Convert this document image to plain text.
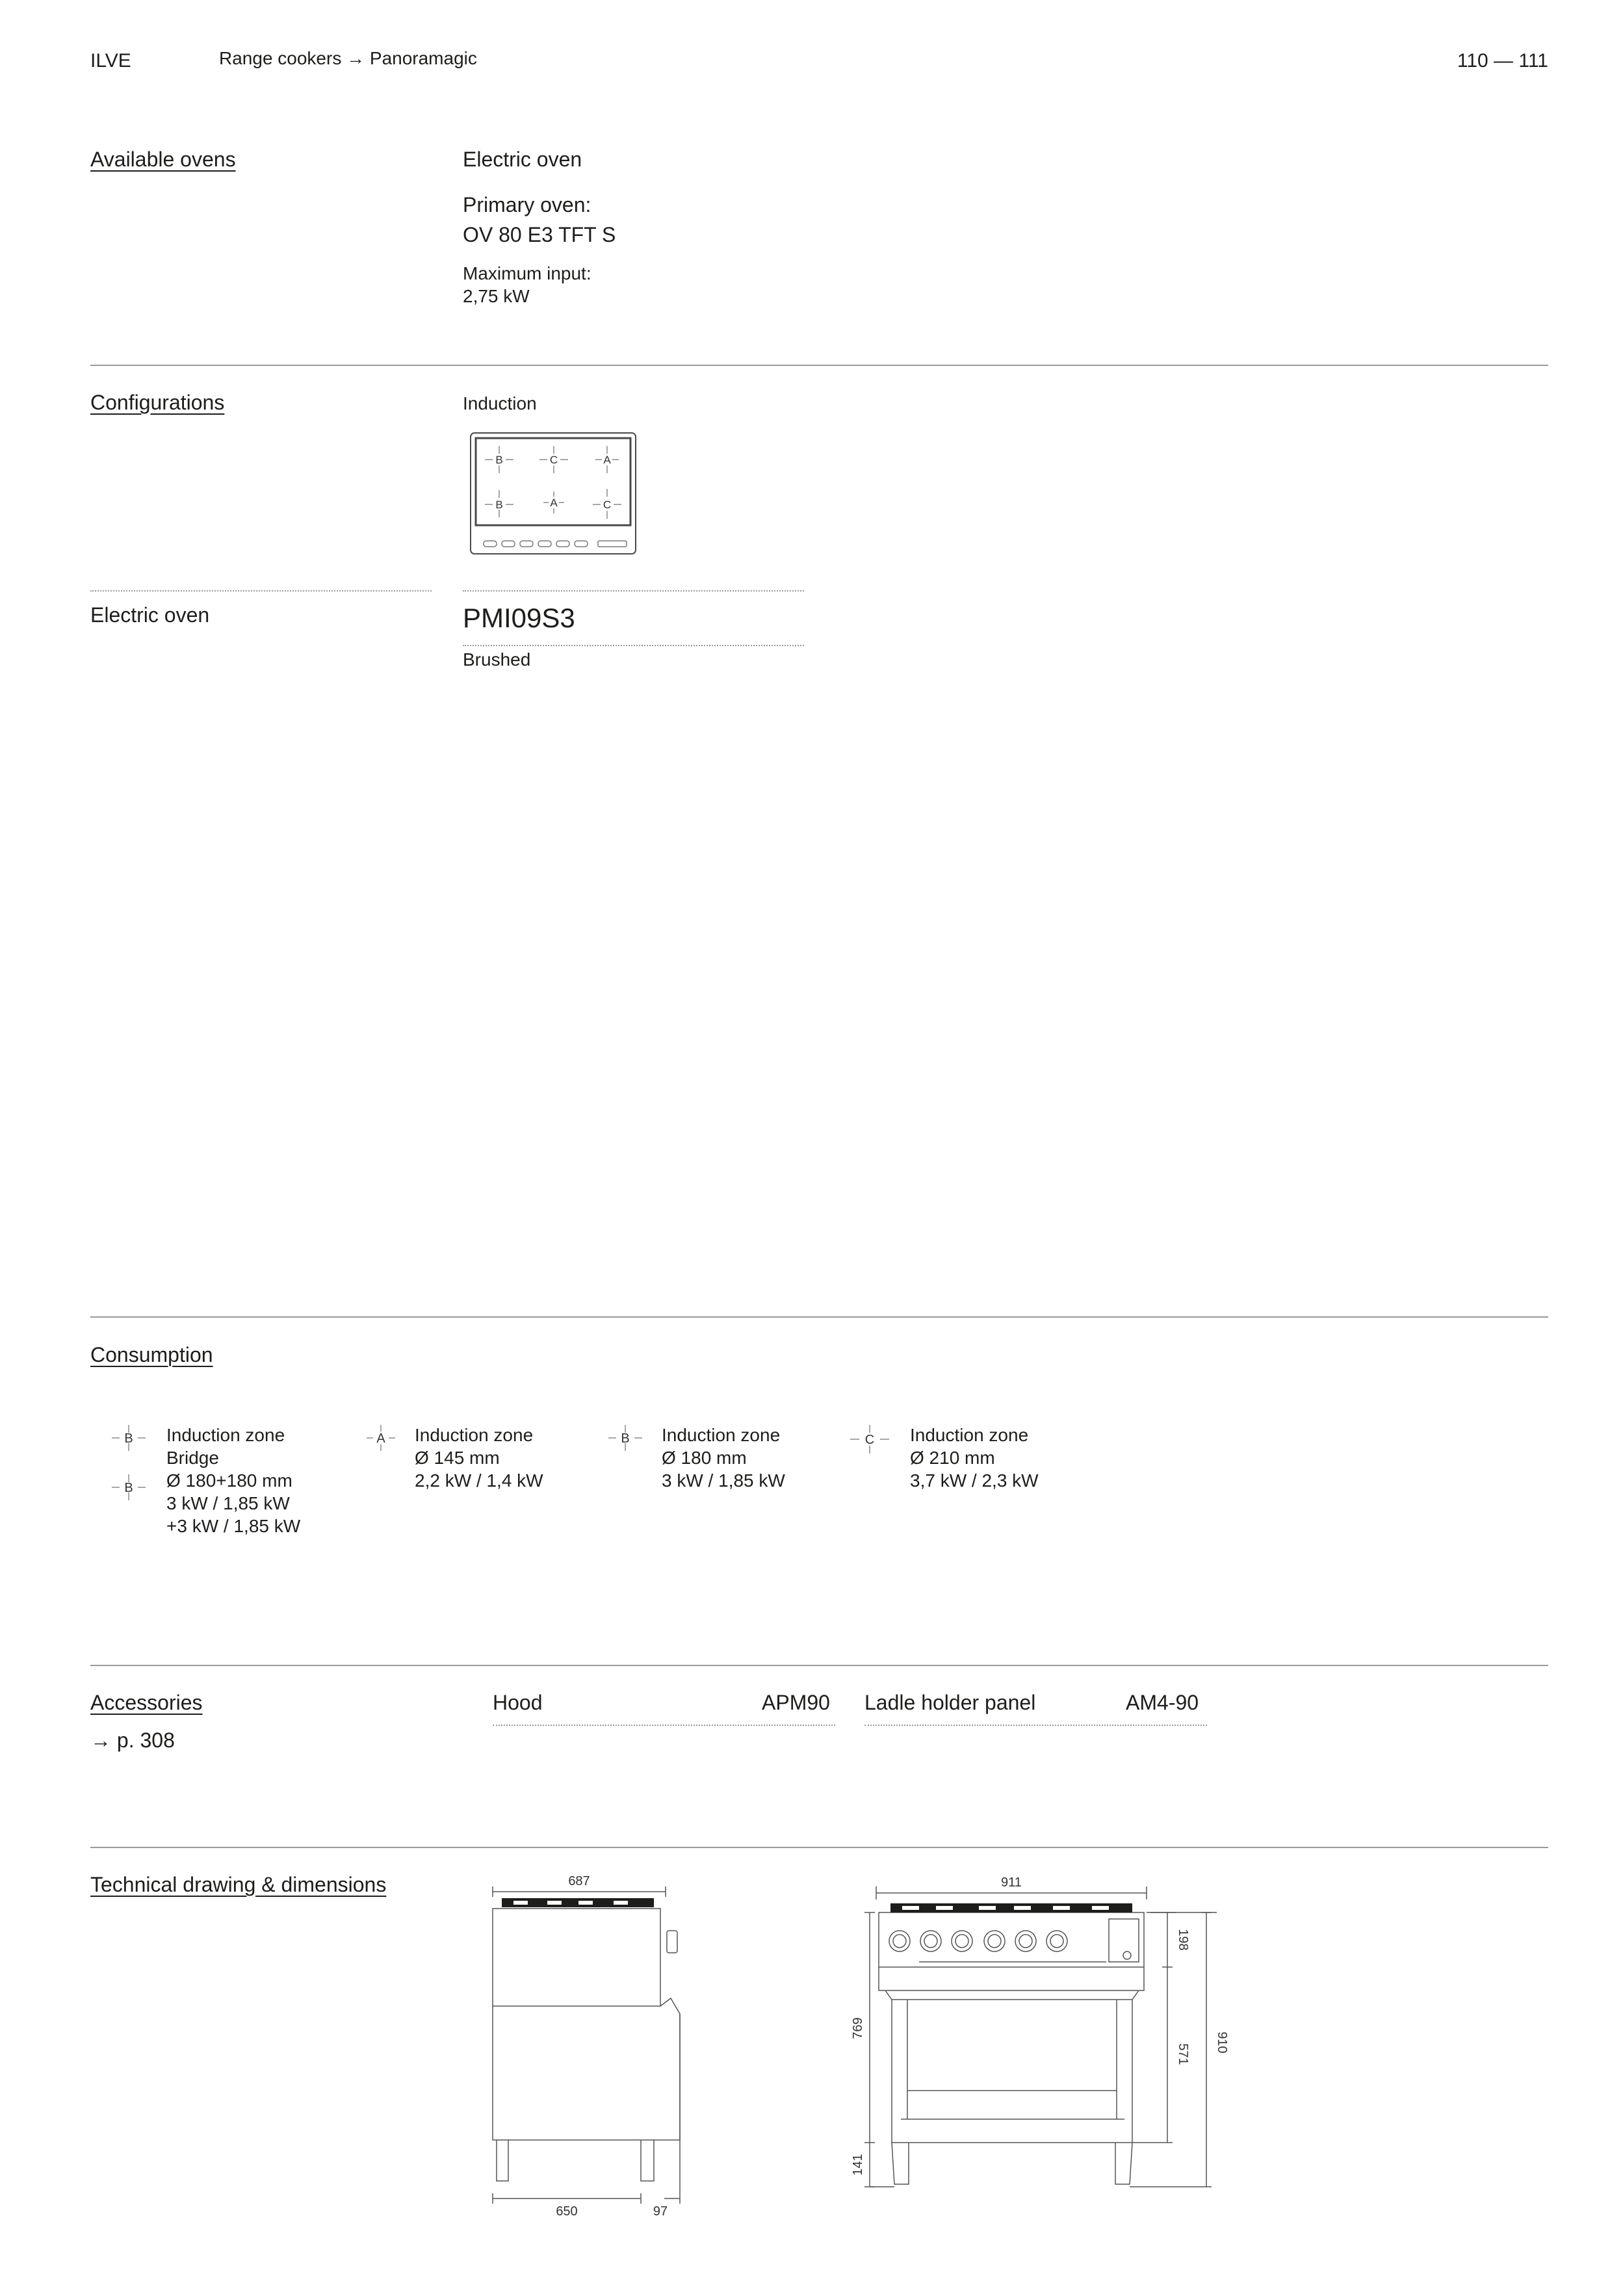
ILVE	Range cookers → Panoramagic	110 — 111
Available ovens	Electric oven
Primary oven:
OV 80 E3 TFT S
Maximum input:
2,75 kW
Configurations	Induction
B	C	A
B	A	C
Electric oven	PMI09S3
Brushed
Consumption
B
B
Induction zone
Bridge
Ø 180+180 mm
3 kW / 1,85 kW
+3 kW / 1,85 kW
A Induction zone
Ø 145 mm
2,2 kW / 1,4 kW
B Induction zone
Ø 180 mm
3 kW / 1,85 kW
C Induction zone
Ø 210 mm
3,7 kW / 2,3 kW
Accessories
→ p. 308
Hood	APM90 Ladle holder panel	AM4-90
Technical drawing & dimensions	687
650	97
911
198
571
910
769
141
